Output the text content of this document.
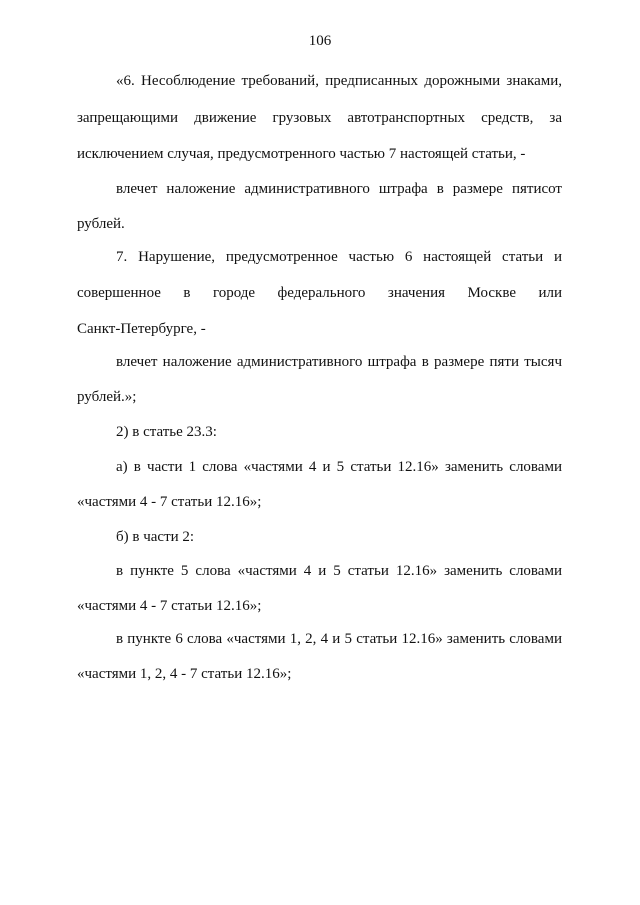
106
«6. Несоблюдение требований, предписанных дорожными знаками,
запрещающими движение грузовых автотранспортных средств, за
исключением случая, предусмотренного частью 7 настоящей статьи, -
влечет наложение административного штрафа в размере пятисот
рублей.
7. Нарушение, предусмотренное частью 6 настоящей статьи и
совершенное в городе федерального значения Москве или
Санкт-Петербурге, -
влечет наложение административного штрафа в размере пяти тысяч
рублей.»;
2) в статье 23.3:
а) в части 1 слова «частями 4 и 5 статьи 12.16» заменить словами
«частями 4 - 7 статьи 12.16»;
б) в части 2:
в пункте 5 слова «частями 4 и 5 статьи 12.16» заменить словами
«частями 4 - 7 статьи 12.16»;
в пункте 6 слова «частями 1, 2, 4 и 5 статьи 12.16» заменить словами
«частями 1, 2, 4 - 7 статьи 12.16»;
